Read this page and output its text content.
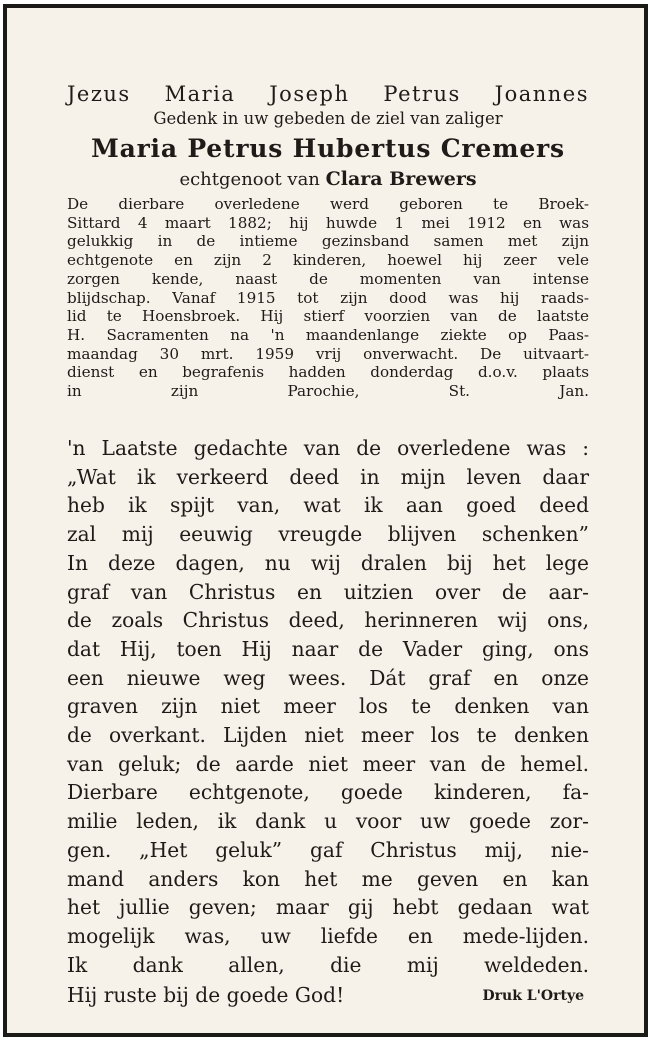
Jezus Maria Joseph Petrus Joannes
Gedenk in uw gebeden de ziel van zaliger
Maria Petrus Hubertus Cremers
echtgenoot van Clara Brewers
De dierbare overledene werd geboren te Broek-
Sittard 4 maart 1882; hij huwde 1 mei 1912 en was
gelukkig in de intieme gezinsband samen met zijn
echtgenote en zijn 2 kinderen, hoewel hij zeer vele
zorgen kende, naast de momenten van intense
blijdschap. Vanaf 1915 tot zijn dood was hij raads-
lid te Hoensbroek. Hij stierf voorzien van de laatste
H. Sacramenten na 'n maandenlange ziekte op Paas-
maandag 30 mrt. 1959 vrij onverwacht. De uitvaart-
dienst en begrafenis hadden donderdag d.o.v. plaats
in zijn Parochie, St. Jan.
'n Laatste gedachte van de overledene was :
„Wat ik verkeerd deed in mijn leven daar
heb ik spijt van, wat ik aan goed deed
zal mij eeuwig vreugde blijven schenken”
In deze dagen, nu wij dralen bij het lege
graf van Christus en uitzien over de aar-
de zoals Christus deed, herinneren wij ons,
dat Hij, toen Hij naar de Vader ging, ons
een nieuwe weg wees. Dát graf en onze
graven zijn niet meer los te denken van
de overkant. Lijden niet meer los te denken
van geluk; de aarde niet meer van de hemel.
Dierbare echtgenote, goede kinderen, fa-
milie leden, ik dank u voor uw goede zor-
gen. „Het geluk” gaf Christus mij, nie-
mand anders kon het me geven en kan
het jullie geven; maar gij hebt gedaan wat
mogelijk was, uw liefde en mede-lijden.
Ik dank allen, die mij weldeden.
Hij ruste bij de goede God!	Druk L'Ortye
